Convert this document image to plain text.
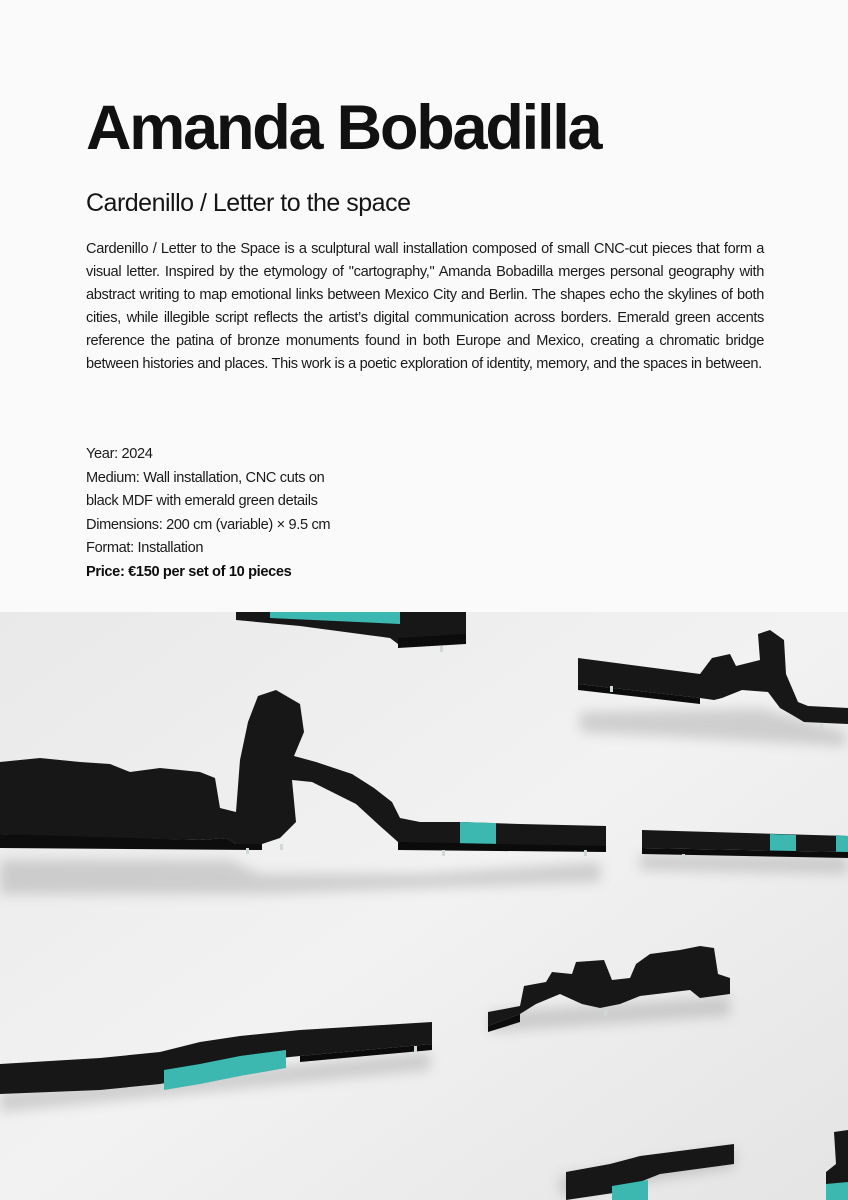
Amanda Bobadilla
Cardenillo / Letter to the space

Cardenillo / Letter to the Space is a sculptural wall installation composed of small CNC-cut pieces that form a visual letter. Inspired by the etymology of "cartography," Amanda Bobadilla merges personal geography with abstract writing to map emotional links between Mexico City and Berlin. The shapes echo the skylines of both cities, while illegible script reflects the artist’s digital communication across borders. Emerald green accents reference the patina of bronze monuments found in both Europe and Mexico, creating a chromatic bridge between histories and places. This work is a poetic exploration of identity, memory, and the spaces in between.

Year: 2024
Medium: Wall installation, CNC cuts on
black MDF with emerald green details
Dimensions: 200 cm (variable) × 9.5 cm
Format: Installation
Price: €150 per set of 10 pieces
